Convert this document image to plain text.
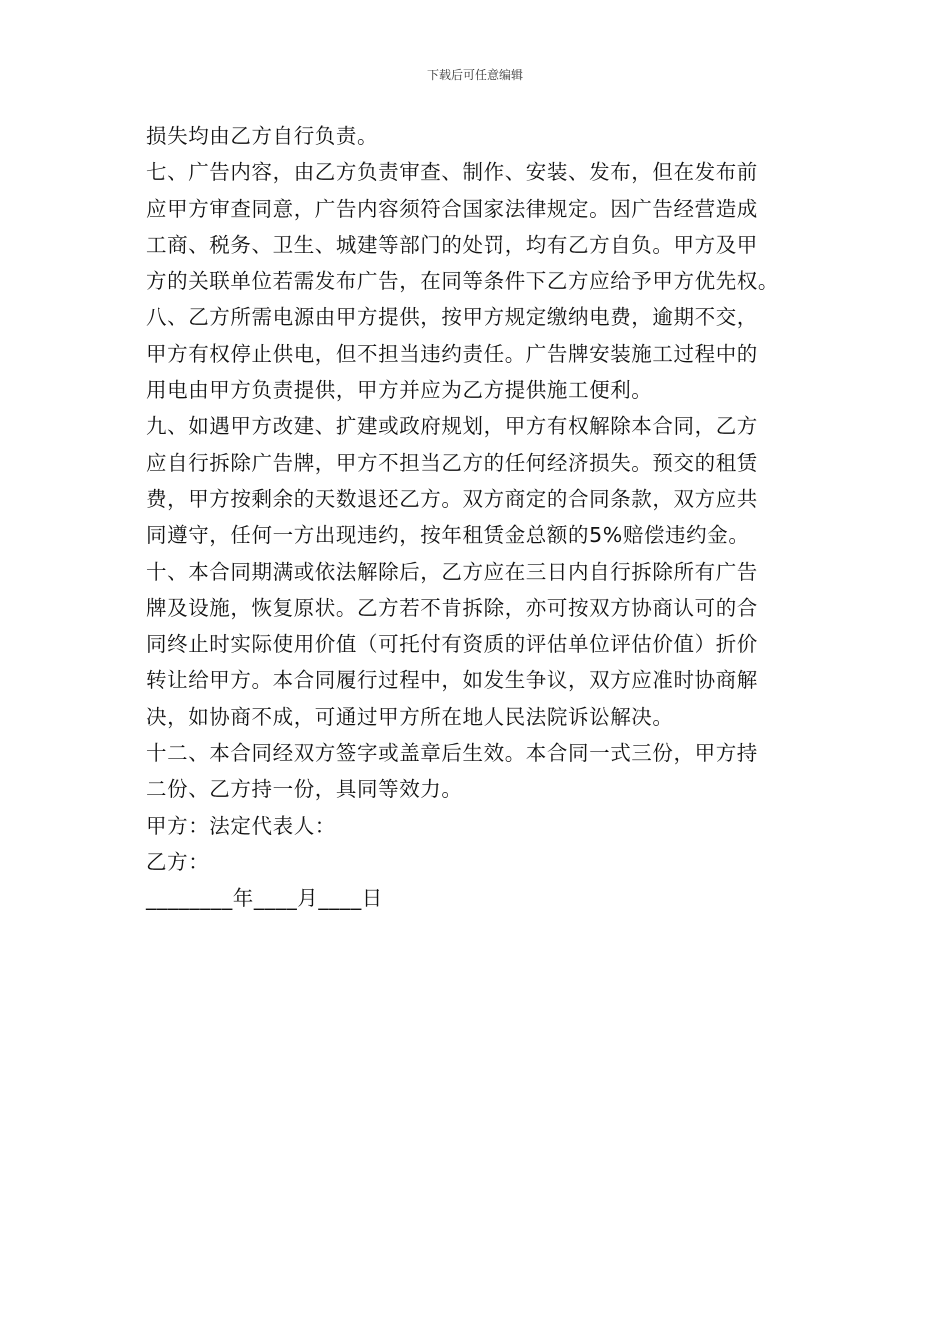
下载后可任意编辑
损失均由乙方自行负责。
七、广告内容，由乙方负责审查、制作、安装、发布，但在发布前
应甲方审查同意，广告内容须符合国家法律规定。因广告经营造成
工商、税务、卫生、城建等部门的处罚，均有乙方自负。甲方及甲
方的关联单位若需发布广告，在同等条件下乙方应给予甲方优先权。
八、乙方所需电源由甲方提供，按甲方规定缴纳电费，逾期不交，
甲方有权停止供电，但不担当违约责任。广告牌安装施工过程中的
用电由甲方负责提供，甲方并应为乙方提供施工便利。
九、如遇甲方改建、扩建或政府规划，甲方有权解除本合同，乙方
应自行拆除广告牌，甲方不担当乙方的任何经济损失。预交的租赁
费，甲方按剩余的天数退还乙方。双方商定的合同条款，双方应共
同遵守，任何一方出现违约，按年租赁金总额的5%赔偿违约金。
十、本合同期满或依法解除后，乙方应在三日内自行拆除所有广告
牌及设施，恢复原状。乙方若不肯拆除，亦可按双方协商认可的合
同终止时实际使用价值（可托付有资质的评估单位评估价值）折价
转让给甲方。本合同履行过程中，如发生争议，双方应准时协商解
决，如协商不成，可通过甲方所在地人民法院诉讼解决。
十二、本合同经双方签字或盖章后生效。本合同一式三份，甲方持
二份、乙方持一份，具同等效力。
甲方：法定代表人：
乙方：
________年____月____日
